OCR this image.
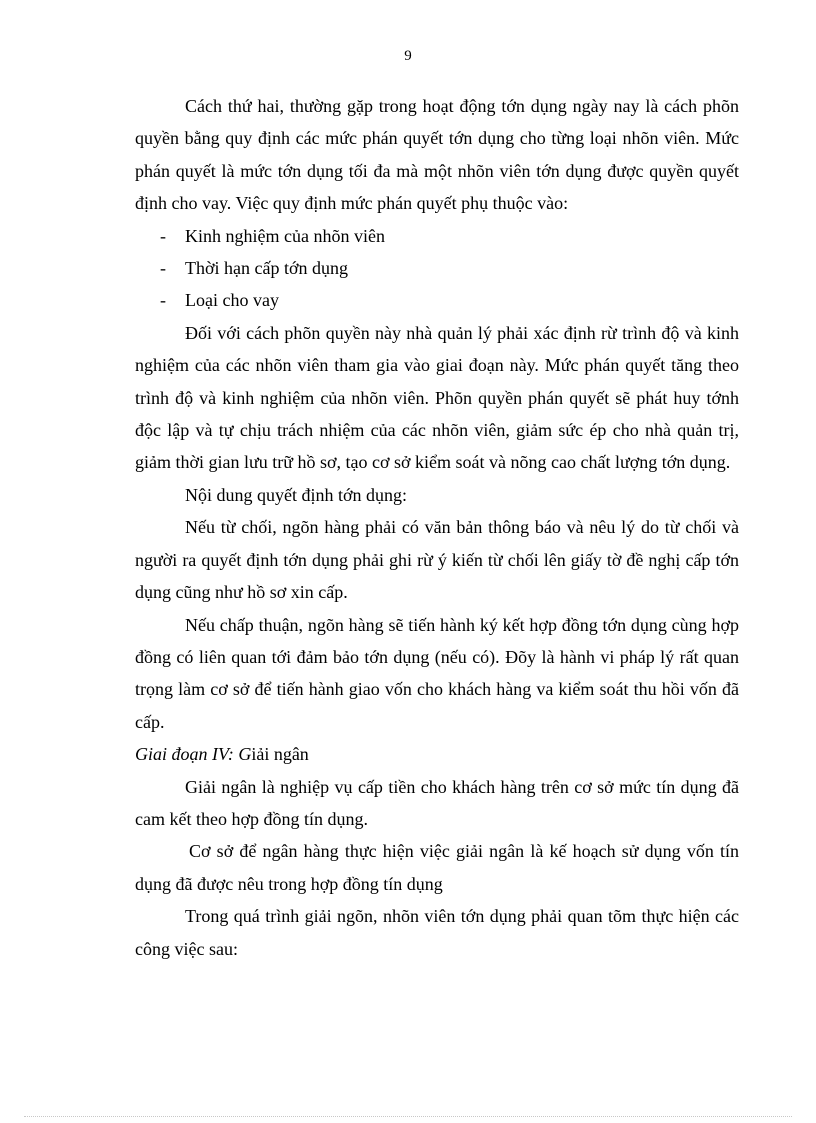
9

Cách thứ hai, thường gặp trong hoạt động tớn dụng ngày nay là cách phõn quyền bằng quy định các mức phán quyết tớn dụng cho từng loại nhõn viên. Mức phán quyết là mức tớn dụng tối đa mà một nhõn viên tớn dụng được quyền quyết định cho vay. Việc quy định mức phán quyết phụ thuộc vào:

- Kinh nghiệm của nhõn viên
- Thời hạn cấp tớn dụng
- Loại cho vay

Đối với cách phõn quyền này nhà quản lý phải xác định rừ trình độ và kinh nghiệm của các nhõn viên tham gia vào giai đoạn này. Mức phán quyết tăng theo trình độ và kinh nghiệm của nhõn viên. Phõn quyền phán quyết sẽ phát huy tớnh độc lập và tự chịu trách nhiệm của các nhõn viên, giảm sức ép cho nhà quản trị, giảm thời gian lưu trữ hồ sơ, tạo cơ sở kiểm soát và nõng cao chất lượng tớn dụng.

Nội dung quyết định tớn dụng:

Nếu từ chối, ngõn hàng phải có văn bản thông báo và nêu lý do từ chối và người ra quyết định tớn dụng phải ghi rừ ý kiến từ chối lên giấy tờ đề nghị cấp tớn dụng cũng như hồ sơ xin cấp.

Nếu chấp thuận, ngõn hàng sẽ tiến hành ký kết hợp đồng tớn dụng cùng hợp đồng có liên quan tới đảm bảo tớn dụng (nếu có). Đõy là hành vi pháp lý rất quan trọng làm cơ sở để tiến hành giao vốn cho khách hàng va kiểm soát thu hồi vốn đã cấp.

Giai đoạn IV: Giải ngân

Giải ngân là nghiệp vụ cấp tiền cho khách hàng trên cơ sở mức tín dụng đã cam kết theo hợp đồng tín dụng.

Cơ sở để ngân hàng thực hiện việc giải ngân là kế hoạch sử dụng vốn tín dụng đã được nêu trong hợp đồng tín dụng

Trong quá trình giải ngõn, nhõn viên tớn dụng phải quan tõm thực hiện các công việc sau:
